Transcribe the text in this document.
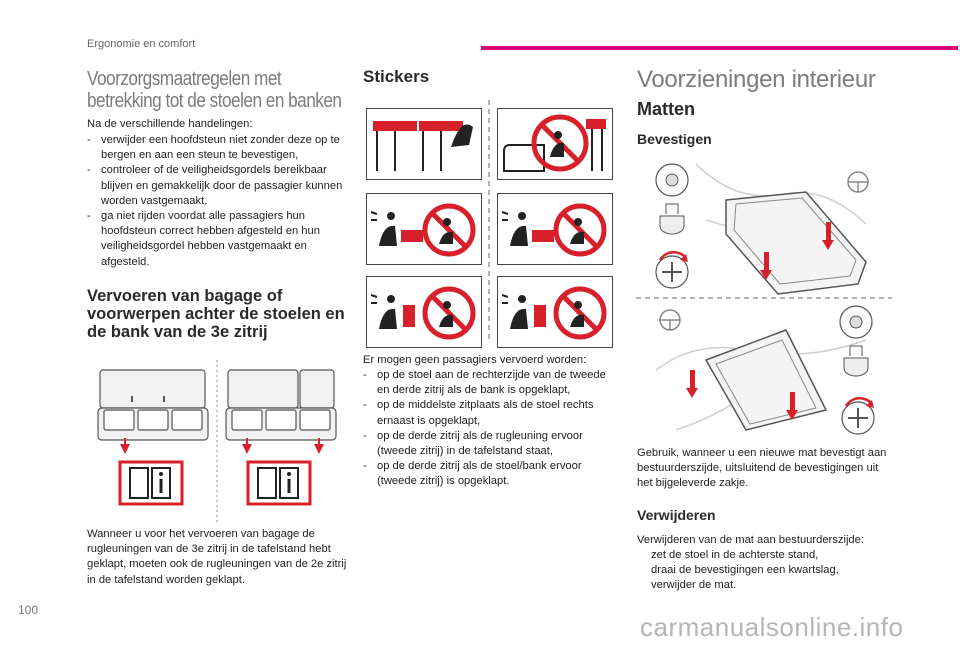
Ergonomie en comfort
Voorzorgsmaatregelen met betrekking tot de stoelen en banken
Na de verschillende handelingen:
- verwijder een hoofdsteun niet zonder deze op te bergen en aan een steun te bevestigen,
- controleer of de veiligheidsgordels bereikbaar blijven en gemakkelijk door de passagier kunnen worden vastgemaakt,
- ga niet rijden voordat alle passagiers hun hoofdsteun correct hebben afgesteld en hun veiligheidsgordel hebben vastgemaakt en afgesteld.
Vervoeren van bagage of voorwerpen achter de stoelen en de bank van de 3e zitrij
Wanneer u voor het vervoeren van bagage de rugleuningen van de 3e zitrij in de tafelstand hebt geklapt, moeten ook de rugleuningen van de 2e zitrij in de tafelstand worden geklapt.
Stickers
Er mogen geen passagiers vervoerd worden:
- op de stoel aan de rechterzijde van de tweede en derde zitrij als de bank is opgeklapt,
- op de middelste zitplaats als de stoel rechts ernaast is opgeklapt,
- op de derde zitrij als de rugleuning ervoor (tweede zitrij) in de tafelstand staat,
- op de derde zitrij als de stoel/bank ervoor (tweede zitrij) is opgeklapt.
Voorzieningen interieur
Matten
Bevestigen
Gebruik, wanneer u een nieuwe mat bevestigt aan bestuurderszijde, uitsluitend de bevestigingen uit het bijgeleverde zakje.
Verwijderen
Verwijderen van de mat aan bestuurderszijde:
zet de stoel in de achterste stand,
draai de bevestigingen een kwartslag,
verwijder de mat.
100
carmanualsonline.info
